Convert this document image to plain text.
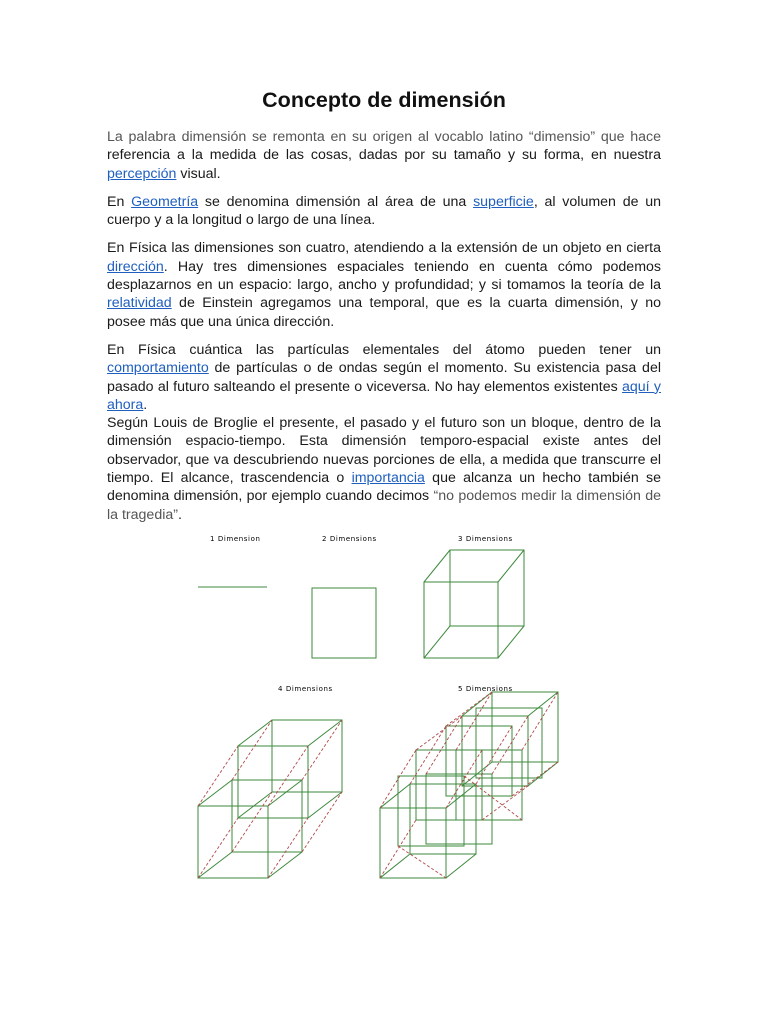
Concepto de dimensión

La palabra dimensión se remonta en su origen al vocablo latino “dimensio” que hace referencia a la medida de las cosas, dadas por su tamaño y su forma, en nuestra percepción visual.

En Geometría se denomina dimensión al área de una superficie, al volumen de un cuerpo y a la longitud o largo de una línea.

En Física las dimensiones son cuatro, atendiendo a la extensión de un objeto en cierta dirección. Hay tres dimensiones espaciales teniendo en cuenta cómo podemos desplazarnos en un espacio: largo, ancho y profundidad; y si tomamos la teoría de la relatividad de Einstein agregamos una temporal, que es la cuarta dimensión, y no posee más que una única dirección.

En Física cuántica las partículas elementales del átomo pueden tener un comportamiento de partículas o de ondas según el momento. Su existencia pasa del pasado al futuro salteando el presente o viceversa. No hay elementos existentes aquí y ahora.

Según Louis de Broglie el presente, el pasado y el futuro son un bloque, dentro de la dimensión espacio-tiempo. Esta dimensión temporo-espacial existe antes del observador, que va descubriendo nuevas porciones de ella, a medida que transcurre el tiempo. El alcance, trascendencia o importancia que alcanza un hecho también se denomina dimensión, por ejemplo cuando decimos “no podemos medir la dimensión de la tragedia”.

1 Dimension	2 Dimensions	3 Dimensions
4 Dimensions	5 Dimensions
